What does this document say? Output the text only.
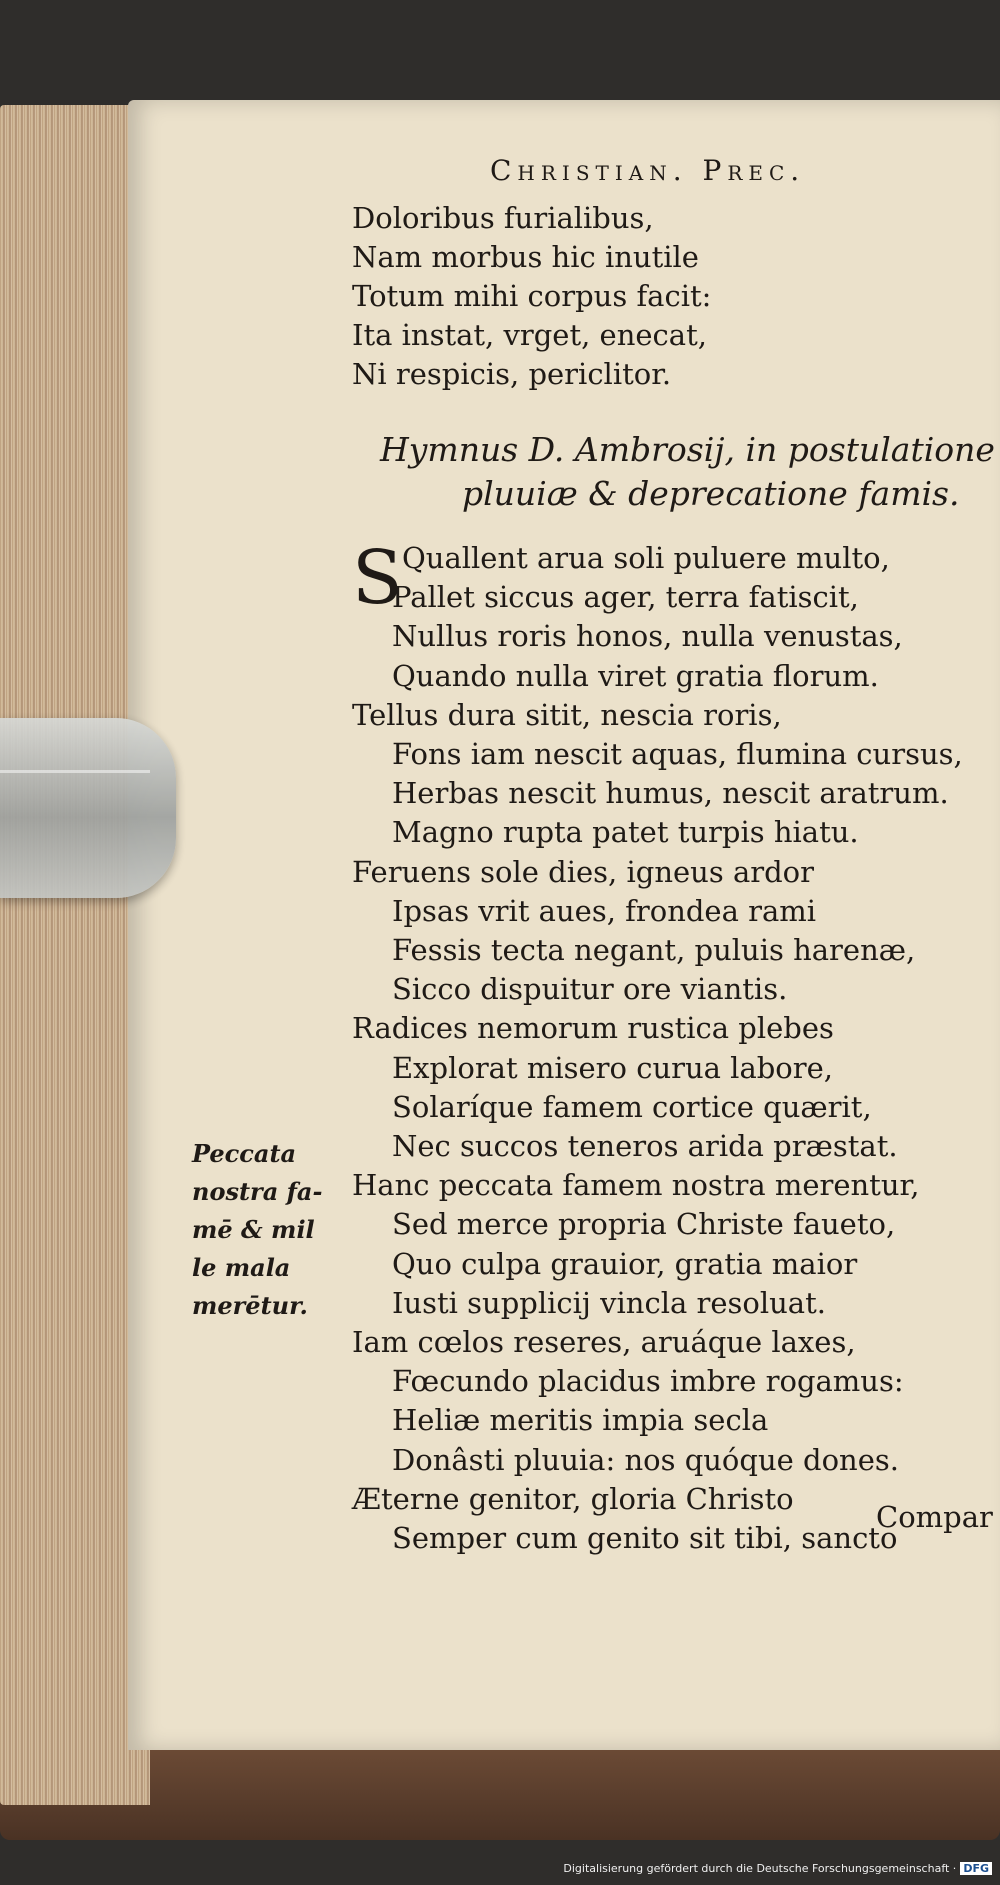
Christian. Prec.
Doloribus furialibus,
Nam morbus hic inutile
Totum mihi corpus facit:
Ita instat, vrget, enecat,
Ni respicis, periclitor.
Hymnus D. Ambrosij, in postulatione
pluuiæ & deprecatione famis.
S Quallent arua soli puluere multo,
Pallet siccus ager, terra fatiscit,
Nullus roris honos, nulla venustas,
Quando nulla viret gratia florum.
Tellus dura sitit, nescia roris,
Fons iam nescit aquas, flumina cursus,
Herbas nescit humus, nescit aratrum.
Magno rupta patet turpis hiatu.
Feruens sole dies, igneus ardor
Ipsas vrit aues, frondea rami
Fessis tecta negant, puluis harenæ,
Sicco dispuitur ore viantis.
Radices nemorum rustica plebes
Explorat misero curua labore,
Solaríque famem cortice quærit,
Nec succos teneros arida præstat.
Hanc peccata famem nostra merentur,
Sed merce propria Christe faueto,
Quo culpa grauior, gratia maior
Iusti supplicij vincla resoluat.
Iam cœlos reseres, aruáque laxes,
Fœcundo placidus imbre rogamus:
Heliæ meritis impia secla
Donâsti pluuia: nos quóque dones.
Æterne genitor, gloria Christo
Semper cum genito sit tibi, sancto
Peccata
nostra fa-
mē & mil
le mala
merētur.
Compar
Digitalisierung gefördert durch die Deutsche Forschungsgemeinschaft · DFG
